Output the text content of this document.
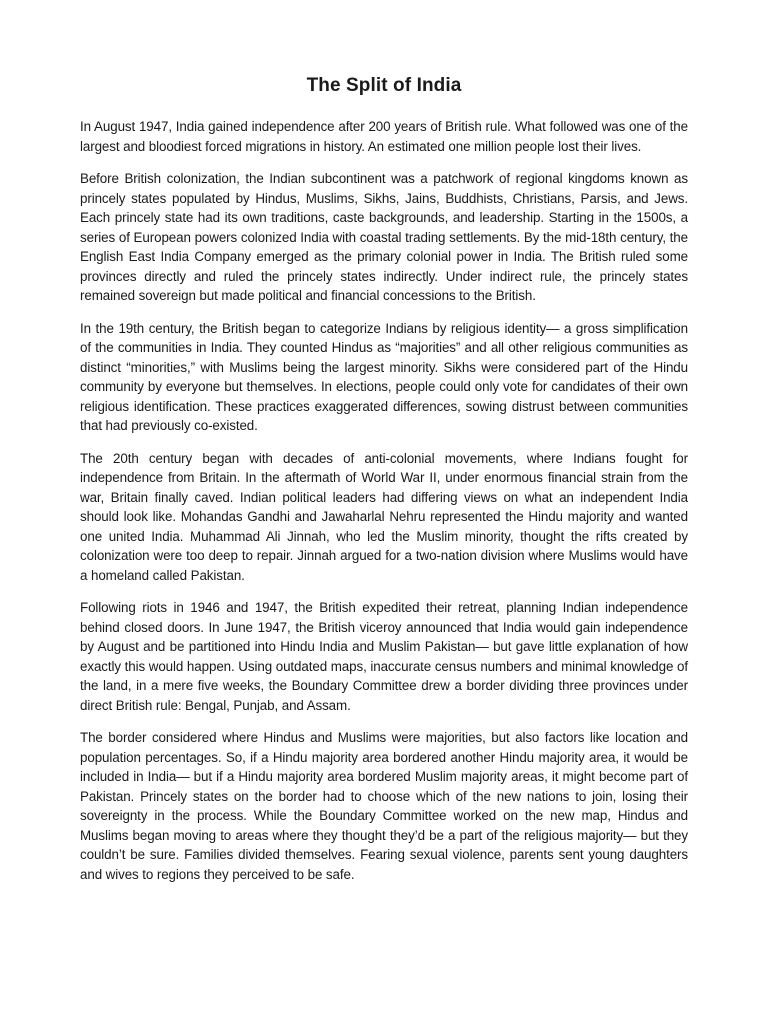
The Split of India

In August 1947, India gained independence after 200 years of British rule. What followed was one of the largest and bloodiest forced migrations in history. An estimated one million people lost their lives.

Before British colonization, the Indian subcontinent was a patchwork of regional kingdoms known as princely states populated by Hindus, Muslims, Sikhs, Jains, Buddhists, Christians, Parsis, and Jews. Each princely state had its own traditions, caste backgrounds, and leadership. Starting in the 1500s, a series of European powers colonized India with coastal trading settlements. By the mid-18th century, the English East India Company emerged as the primary colonial power in India. The British ruled some provinces directly and ruled the princely states indirectly. Under indirect rule, the princely states remained sovereign but made political and financial concessions to the British.

In the 19th century, the British began to categorize Indians by religious identity— a gross simplification of the communities in India. They counted Hindus as “majorities” and all other religious communities as distinct “minorities,” with Muslims being the largest minority. Sikhs were considered part of the Hindu community by everyone but themselves. In elections, people could only vote for candidates of their own religious identification. These practices exaggerated differences, sowing distrust between communities that had previously co-existed.

The 20th century began with decades of anti-colonial movements, where Indians fought for independence from Britain. In the aftermath of World War II, under enormous financial strain from the war, Britain finally caved. Indian political leaders had differing views on what an independent India should look like. Mohandas Gandhi and Jawaharlal Nehru represented the Hindu majority and wanted one united India. Muhammad Ali Jinnah, who led the Muslim minority, thought the rifts created by colonization were too deep to repair. Jinnah argued for a two-nation division where Muslims would have a homeland called Pakistan.

Following riots in 1946 and 1947, the British expedited their retreat, planning Indian independence behind closed doors. In June 1947, the British viceroy announced that India would gain independence by August and be partitioned into Hindu India and Muslim Pakistan— but gave little explanation of how exactly this would happen. Using outdated maps, inaccurate census numbers and minimal knowledge of the land, in a mere five weeks, the Boundary Committee drew a border dividing three provinces under direct British rule: Bengal, Punjab, and Assam.

The border considered where Hindus and Muslims were majorities, but also factors like location and population percentages. So, if a Hindu majority area bordered another Hindu majority area, it would be included in India— but if a Hindu majority area bordered Muslim majority areas, it might become part of Pakistan. Princely states on the border had to choose which of the new nations to join, losing their sovereignty in the process. While the Boundary Committee worked on the new map, Hindus and Muslims began moving to areas where they thought they’d be a part of the religious majority— but they couldn’t be sure. Families divided themselves. Fearing sexual violence, parents sent young daughters and wives to regions they perceived to be safe.
